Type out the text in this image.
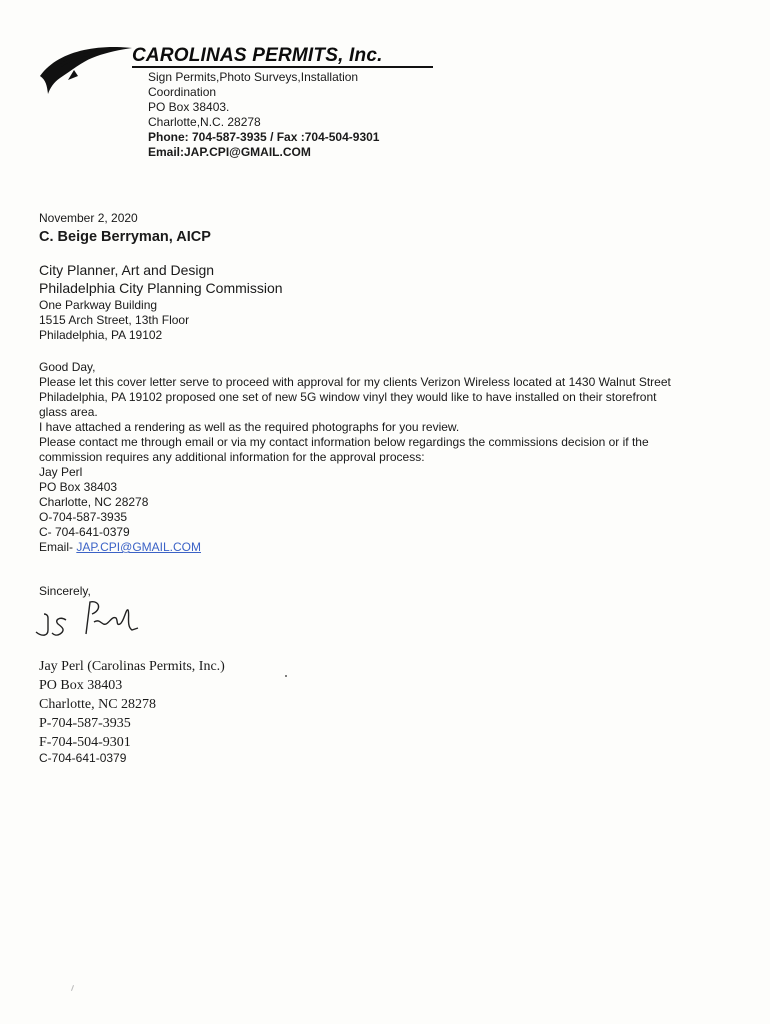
CAROLINAS PERMITS, Inc.
Sign Permits,Photo Surveys,Installation
Coordination
PO Box 38403.
Charlotte,N.C. 28278
Phone: 704-587-3935 / Fax :704-504-9301
Email:JAP.CPI@GMAIL.COM
November 2, 2020
C. Beige Berryman, AICP
City Planner, Art and Design
Philadelphia City Planning Commission
One Parkway Building
1515 Arch Street, 13th Floor
Philadelphia, PA 19102
Good Day,
Please let this cover letter serve to proceed with approval for my clients Verizon Wireless located at 1430 Walnut Street
Philadelphia, PA 19102 proposed one set of new 5G window vinyl they would like to have installed on their storefront
glass area.
I have attached a rendering as well as the required photographs for you review.
Please contact me through email or via my contact information below regardings the commissions decision or if the
commission requires any additional information for the approval process:
Jay Perl
PO Box 38403
Charlotte, NC 28278
O-704-587-3935
C- 704-641-0379
Email- JAP.CPI@GMAIL.COM
Sincerely,
Jay Perl (Carolinas Permits, Inc.)
PO Box 38403
Charlotte, NC 28278
P-704-587-3935
F-704-504-9301
C-704-641-0379
